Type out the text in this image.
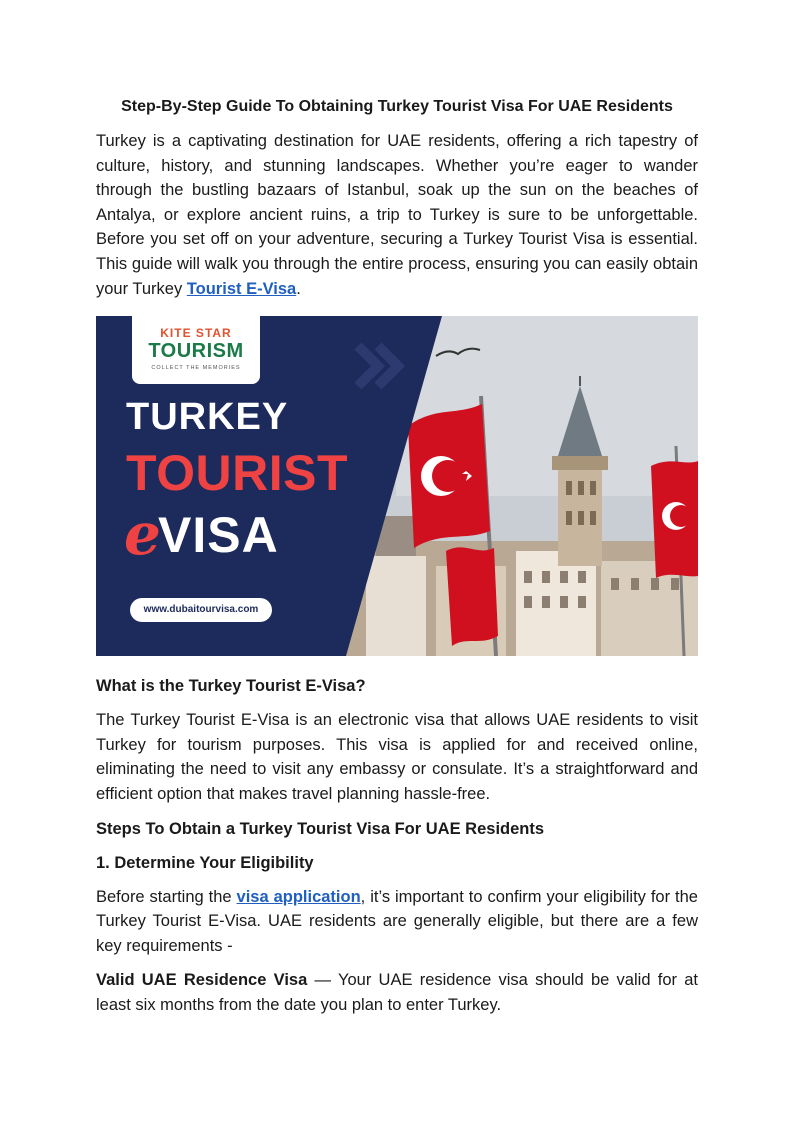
Step-By-Step Guide To Obtaining Turkey Tourist Visa For UAE Residents

Turkey is a captivating destination for UAE residents, offering a rich tapestry of culture, history, and stunning landscapes. Whether you’re eager to wander through the bustling bazaars of Istanbul, soak up the sun on the beaches of Antalya, or explore ancient ruins, a trip to Turkey is sure to be unforgettable. Before you set off on your adventure, securing a Turkey Tourist Visa is essential. This guide will walk you through the entire process, ensuring you can easily obtain your Turkey Tourist E-Visa.

KITE STAR
TOURISM
COLLECT THE MEMORIES
TURKEY
TOURIST
e
VISA
www.dubaitourvisa.com
What is the Turkey Tourist E-Visa?

The Turkey Tourist E-Visa is an electronic visa that allows UAE residents to visit Turkey for tourism purposes. This visa is applied for and received online, eliminating the need to visit any embassy or consulate. It’s a straightforward and efficient option that makes travel planning hassle-free.

Steps To Obtain a Turkey Tourist Visa For UAE Residents
1. Determine Your Eligibility

Before starting the visa application, it’s important to confirm your eligibility for the Turkey Tourist E-Visa. UAE residents are generally eligible, but there are a few key requirements -

Valid UAE Residence Visa — Your UAE residence visa should be valid for at least six months from the date you plan to enter Turkey.
